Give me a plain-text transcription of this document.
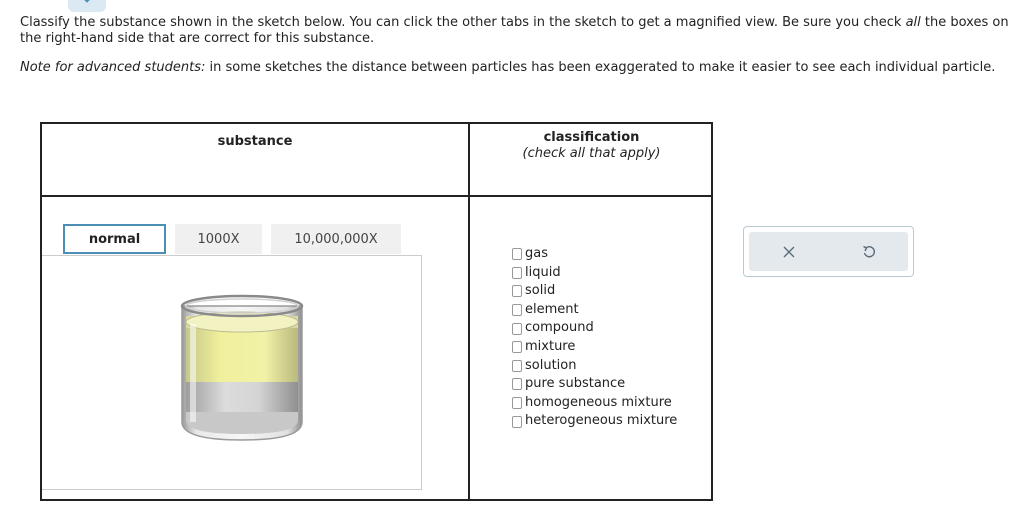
Classify the substance shown in the sketch below. You can click the other tabs in the sketch to get a magnified view. Be sure you check all the boxes on the right-hand side that are correct for this substance.
Note for advanced students: in some sketches the distance between particles has been exaggerated to make it easier to see each individual particle.
substance	classification
(check all that apply)
normal	1000X	10,000,000X
gas
liquid
solid
element
compound
mixture
solution
pure substance
homogeneous mixture
heterogeneous mixture
